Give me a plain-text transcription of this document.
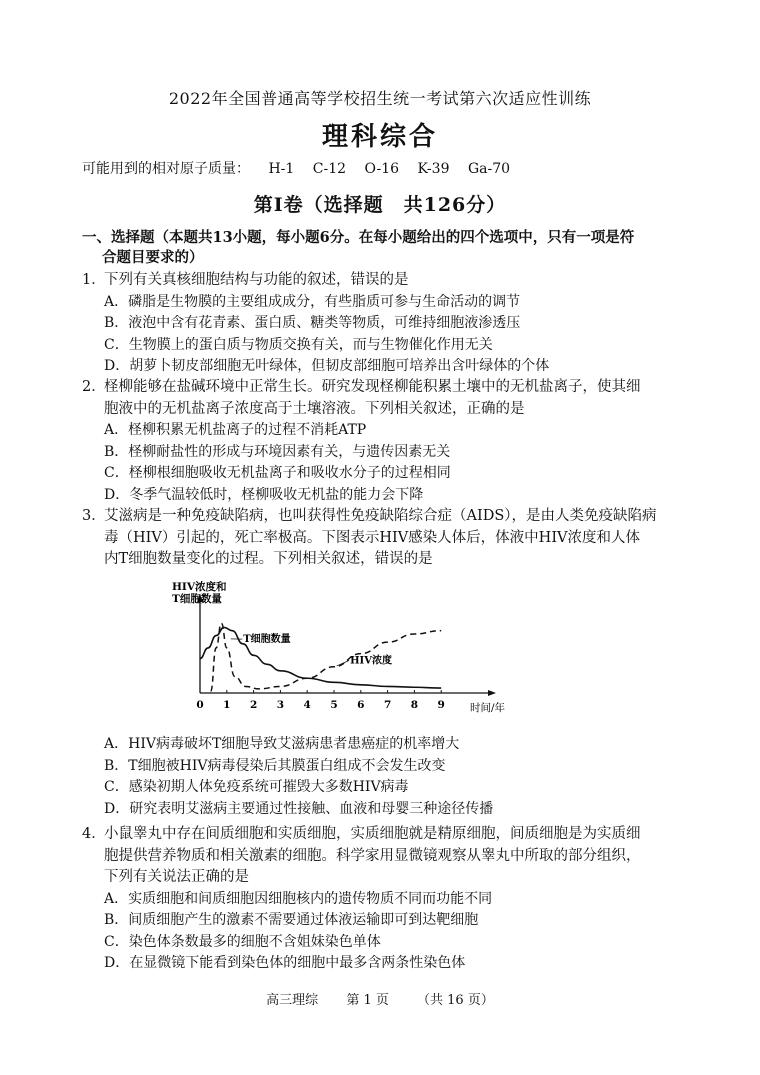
2022年全国普通高等学校招生统一考试第六次适应性训练
理科综合
可能用到的相对原子质量： H-1 C-12 O-16 K-39 Ga-70
第Ⅰ卷（选择题　共126分）
一、选择题（本题共13小题，每小题6分。在每小题给出的四个选项中，只有一项是符
合题目要求的）
1．下列有关真核细胞结构与功能的叙述，错误的是
A．磷脂是生物膜的主要组成成分，有些脂质可参与生命活动的调节
B．液泡中含有花青素、蛋白质、糖类等物质，可维持细胞液渗透压
C．生物膜上的蛋白质与物质交换有关，而与生物催化作用无关
D．胡萝卜韧皮部细胞无叶绿体，但韧皮部细胞可培养出含叶绿体的个体
2．柽柳能够在盐碱环境中正常生长。研究发现柽柳能积累土壤中的无机盐离子，使其细
胞液中的无机盐离子浓度高于土壤溶液。下列相关叙述，正确的是
A．柽柳积累无机盐离子的过程不消耗ATP
B．柽柳耐盐性的形成与环境因素有关，与遗传因素无关
C．柽柳根细胞吸收无机盐离子和吸收水分子的过程相同
D．冬季气温较低时，柽柳吸收无机盐的能力会下降
3．艾滋病是一种免疫缺陷病，也叫获得性免疫缺陷综合症（AIDS），是由人类免疫缺陷病
毒（HIV）引起的，死亡率极高。下图表示HIV感染人体后，体液中HIV浓度和人体
内T细胞数量变化的过程。下列相关叙述，错误的是
HIV浓度和
T细胞数量
0 1 2 3 4 5 6 7 8 9 时间/年
T细胞数量
HIV浓度
A．HIV病毒破坏T细胞导致艾滋病患者患癌症的机率增大
B．T细胞被HIV病毒侵染后其膜蛋白组成不会发生改变
C．感染初期人体免疫系统可摧毁大多数HIV病毒
D．研究表明艾滋病主要通过性接触、血液和母婴三种途径传播
4．小鼠睾丸中存在间质细胞和实质细胞，实质细胞就是精原细胞，间质细胞是为实质细
胞提供营养物质和相关激素的细胞。科学家用显微镜观察从睾丸中所取的部分组织，
下列有关说法正确的是
A．实质细胞和间质细胞因细胞核内的遗传物质不同而功能不同
B．间质细胞产生的激素不需要通过体液运输即可到达靶细胞
C．染色体条数最多的细胞不含姐妹染色单体
D．在显微镜下能看到染色体的细胞中最多含两条性染色体
高三理综 第 1 页 （共 16 页）
